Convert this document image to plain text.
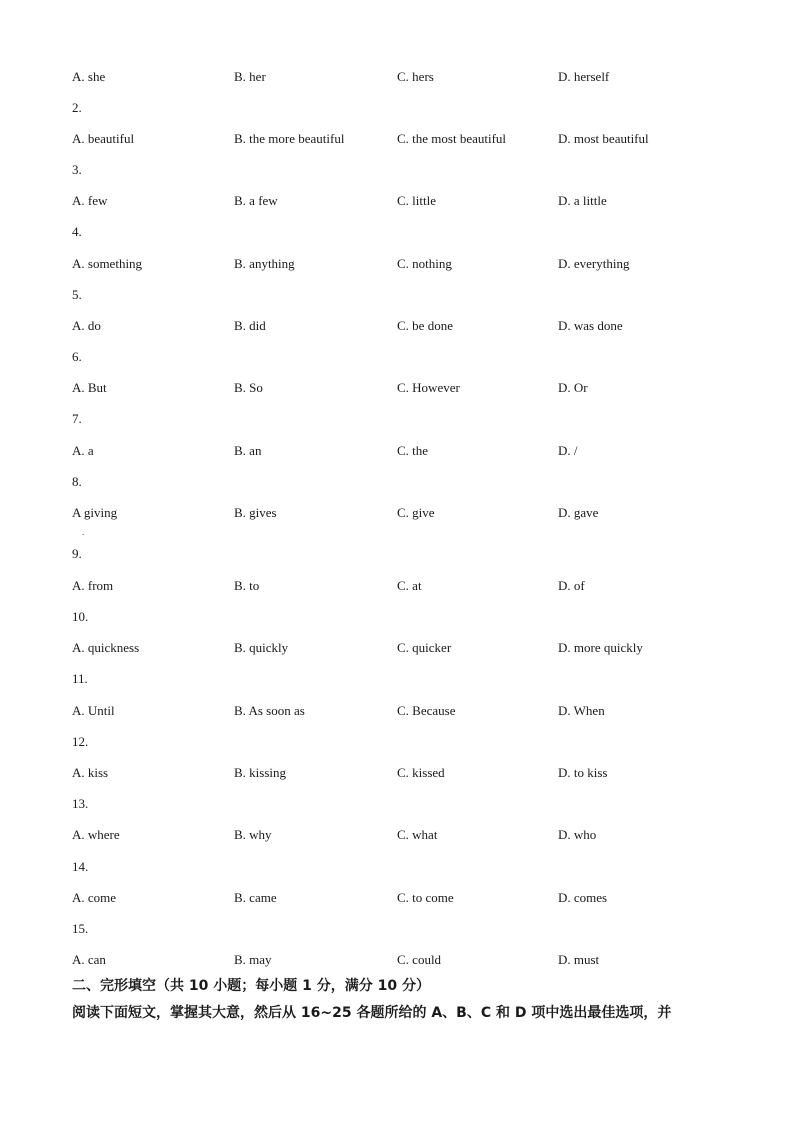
A. she	B. her	C. hers	D. herself
2.
A. beautiful	B. the more beautiful	C. the most beautiful	D. most beautiful
3.
A. few	B. a few	C. little	D. a little
4.
A. something	B. anything	C. nothing	D. everything
5.
A. do	B. did	C. be done	D. was done
6.
A. But	B. So	C. However	D. Or
7.
A. a	B. an	C. the	D. /
8.
A giving	B. gives	C. give	D. gave
.
9.
A. from	B. to	C. at	D. of
10.
A. quickness	B. quickly	C. quicker	D. more quickly
11.
A. Until	B. As soon as	C. Because	D. When
12.
A. kiss	B. kissing	C. kissed	D. to kiss
13.
A. where	B. why	C. what	D. who
14.
A. come	B. came	C. to come	D. comes
15.
A. can	B. may	C. could	D. must
二、完形填空（共 10 小题；每小题 1 分，满分 10 分）
阅读下面短文，掌握其大意，然后从 16~25 各题所给的 A、B、C 和 D 项中选出最佳选项，并
